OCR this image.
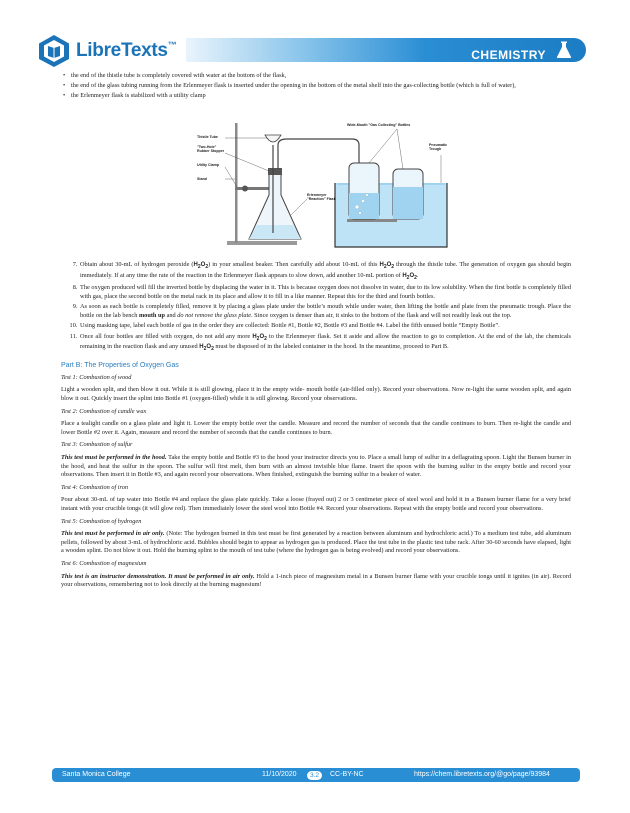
LibreTexts™
CHEMISTRY
• the end of the thistle tube is completely covered with water at the bottom of the flask,
• the end of the glass tubing running from the Erlenmeyer flask is inserted under the opening in the bottom of the metal shelf into the gas-collecting bottle (which is full of water),
• the Erlenmeyer flask is stabilized with a utility clamp
Thistle Tube
"Two-Hole" Rubber Stopper
Utility Clamp
Stand
Erlenmeyer "Reaction" Flask
Wide-Mouth "Gas Collecting" Bottles
Pneumatic Trough
7. Obtain about 30-mL of hydrogen peroxide $(H_2O_2)$ in your smallest beaker. Then carefully add about 10-mL of this $H_2O_2$ through the thistle tube. The generation of oxygen gas should begin immediately. If at any time the rate of the reaction in the Erlenmeyer flask appears to slow down, add another 10-mL portion of $H_2O_2$.
8. The oxygen produced will fill the inverted bottle by displacing the water in it. This is because oxygen does not dissolve in water, due to its low solubility. When the first bottle is completely filled with gas, place the second bottle on the metal rack in its place and allow it to fill in a like manner. Repeat this for the third and fourth bottles.
9. As soon as each bottle is completely filled, remove it by placing a glass plate under the bottle’s mouth while under water, then lifting the bottle and plate from the pneumatic trough. Place the bottle on the lab bench mouth up and do not remove the glass plate. Since oxygen is denser than air, it sinks to the bottom of the flask and will not readily leak out the top.
10. Using masking tape, label each bottle of gas in the order they are collected: Bottle #1, Bottle #2, Bottle #3 and Bottle #4. Label the fifth unused bottle “Empty Bottle”.
11. Once all four bottles are filled with oxygen, do not add any more $H_2O_2$ to the Erlenmeyer flask. Set it aside and allow the reaction to go to completion. At the end of the lab, the chemicals remaining in the reaction flask and any unused $H_2O_2$ must be disposed of in the labeled container in the hood. In the meantime, proceed to Part B.
Part B: The Properties of Oxygen Gas
Test 1: Combustion of wood

Light a wooden split, and then blow it out. While it is still glowing, place it in the empty wide- mouth bottle (air-filled only). Record your observations. Now re-light the same wooden split, and again blow it out. Quickly insert the splint into Bottle #1 (oxygen-filled) while it is still glowing. Record your observations.

Test 2: Combustion of candle wax

Place a tealight candle on a glass plate and light it. Lower the empty bottle over the candle. Measure and record the number of seconds that the candle continues to burn. Then re-light the candle and lower Bottle #2 over it. Again, measure and record the number of seconds that the candle continues to burn.

Test 3: Combustion of sulfur

This test must be performed in the hood. Take the empty bottle and Bottle #3 to the hood your instructor directs you to. Place a small lump of sulfur in a deflagrating spoon. Light the Bunsen burner in the hood, and heat the sulfur in the spoon. The sulfur will first melt, then burn with an almost invisible blue flame. Insert the spoon with the burning sulfur in the empty bottle and record your observations. Then insert it in Bottle #3, and again record your observations. When finished, extinguish the burning sulfur in a beaker of water.

Test 4: Combustion of iron

Pour about 30-mL of tap water into Bottle #4 and replace the glass plate quickly. Take a loose (frayed out) 2 or 3 centimeter piece of steel wool and hold it in a Bunsen burner flame for a very brief instant with your crucible tongs (it will glow red). Then immediately lower the steel wool into Bottle #4. Record your observations. Repeat with the empty bottle and record your observations.

Test 5: Combustion of hydrogen

This test must be performed in air only. (Note: The hydrogen burned in this test must be first generated by a reaction between aluminum and hydrochloric acid.) To a medium test tube, add aluminum pellets, followed by about 3-mL of hydrochloric acid. Bubbles should begin to appear as hydrogen gas is produced. Place the test tube in the plastic test tube rack. After 30-60 seconds have elapsed, light a wooden splint. Do not blow it out. Hold the burning splint to the mouth of test tube (where the hydrogen gas is being evolved) and record your observations.

Test 6: Combustion of magnesium

This test is an instructor demonstration. It must be performed in air only. Hold a 1-inch piece of magnesium metal in a Bunsen burner flame with your crucible tongs until it ignites (in air). Record your observations, remembering not to look directly at the burning magnesium!

Santa Monica College	11/10/2020	3.2	CC-BY-NC	https://chem.libretexts.org/@go/page/93984
